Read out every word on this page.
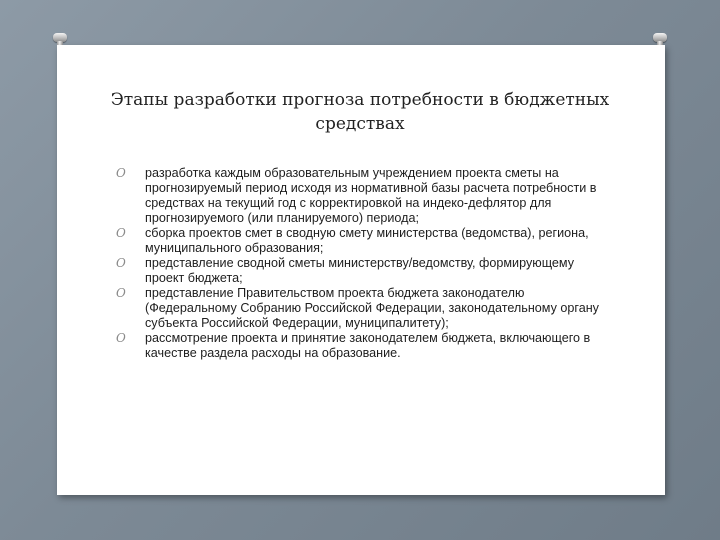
Этапы разработки прогноза потребности в бюджетных
средствах
O разработка каждым образовательным учреждением проекта сметы на прогнозируемый период исходя из нормативной базы расчета потребности в средствах на текущий год с корректировкой на индеко-дефлятор для прогнозируемого (или планируемого) периода;
O сборка проектов смет в сводную смету министерства (ведомства), региона, муниципального образования;
O представление сводной сметы министерству/ведомству, формирующему проект бюджета;
O представление Правительством проекта бюджета законодателю (Федеральному Собранию Российской Федерации, законодательному органу субъекта Российской Федерации, муниципалитету);
O рассмотрение проекта и принятие законодателем бюджета, включающего в качестве раздела расходы на образование.
